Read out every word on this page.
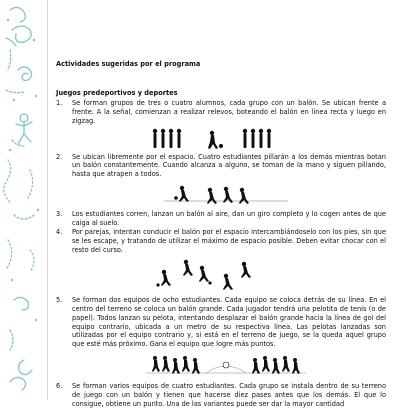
Actividades sugeridas por el programa
Juegos predeportivos y deportes
1.	Se forman grupos de tres o cuatro alumnos, cada grupo con un balón. Se ubican frente a frente. A la señal, comienzan a realizar relevos, boteando el balón en línea recta y luego en zigzag.
2.	Se ubican libremente por el espacio. Cuatro estudiantes pillarán a los demás mientras botan un balón constantemente. Cuando alcanza a alguno, se toman de la mano y siguen pillando, hasta que atrapen a todos.
3.	Los estudiantes corren, lanzan un balón al aire, dan un giro completo y lo cogen antes de que caiga al suelo.
4.	Por parejas, intentan conducir el balón por el espacio intercambiándoselo con los pies, sin que se les escape, y tratando de utilizar el máximo de espacio posible. Deben evitar chocar con el resto del curso.
5.	Se forman dos equipos de ocho estudiantes. Cada equipo se coloca detrás de su línea. En el centro del terreno se coloca un balón grande. Cada jugador tendrá una pelotita de tenis (o de papel). Todos lanzan su pelota, intentando desplazar el balón grande hacia la línea de gol del equipo contrario, ubicada a un metro de su respectiva línea. Las pelotas lanzadas son utilizadas por el equipo contrario y, si está en el terreno de juego, se la queda aquel grupo que esté más próximo. Gana el equipo que logre más puntos.
6.	Se forman varios equipos de cuatro estudiantes. Cada grupo se instala dentro de su terreno de juego con un balón y tienen que hacerse diez pases antes que los demás. El que lo consigue, obtiene un punto. Una de las variantes puede ser dar la mayor cantidad
